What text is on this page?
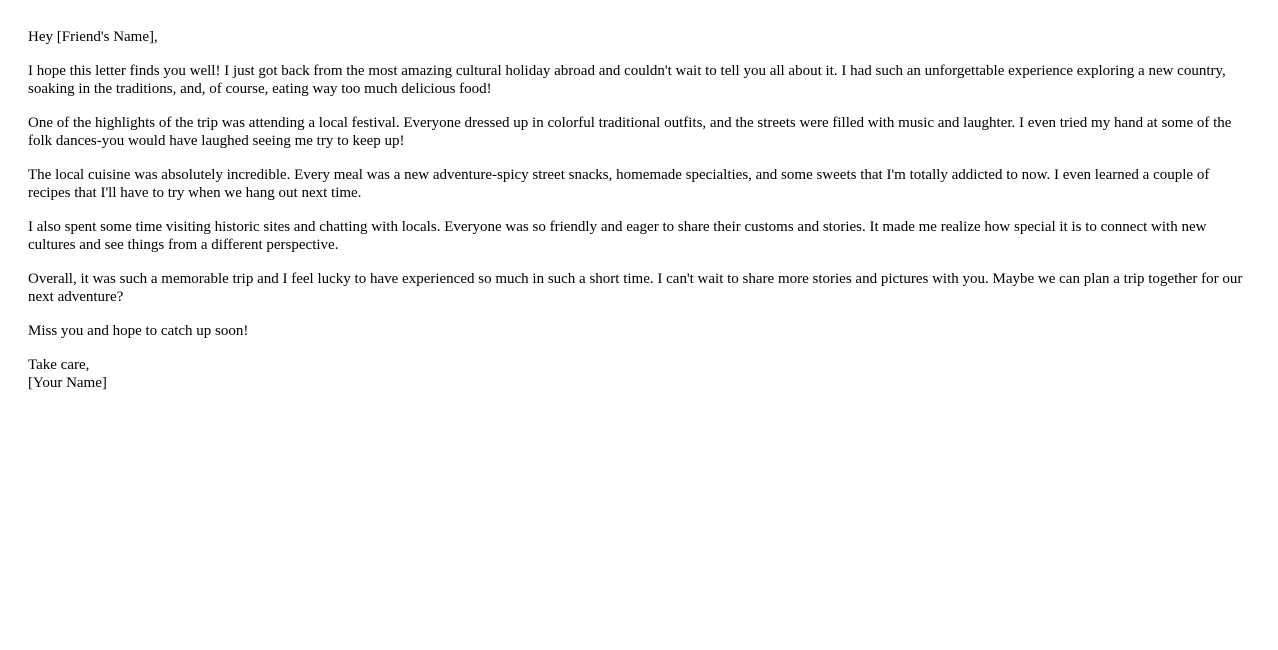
Hey [Friend's Name],

I hope this letter finds you well! I just got back from the most amazing cultural holiday abroad and couldn't wait to tell you all about it. I had such an unforgettable experience exploring a new country, soaking in the traditions, and, of course, eating way too much delicious food!

One of the highlights of the trip was attending a local festival. Everyone dressed up in colorful traditional outfits, and the streets were filled with music and laughter. I even tried my hand at some of the folk dances-you would have laughed seeing me try to keep up!

The local cuisine was absolutely incredible. Every meal was a new adventure-spicy street snacks, homemade specialties, and some sweets that I'm totally addicted to now. I even learned a couple of recipes that I'll have to try when we hang out next time.

I also spent some time visiting historic sites and chatting with locals. Everyone was so friendly and eager to share their customs and stories. It made me realize how special it is to connect with new cultures and see things from a different perspective.

Overall, it was such a memorable trip and I feel lucky to have experienced so much in such a short time. I can't wait to share more stories and pictures with you. Maybe we can plan a trip together for our next adventure?

Miss you and hope to catch up soon!

Take care,
[Your Name]
